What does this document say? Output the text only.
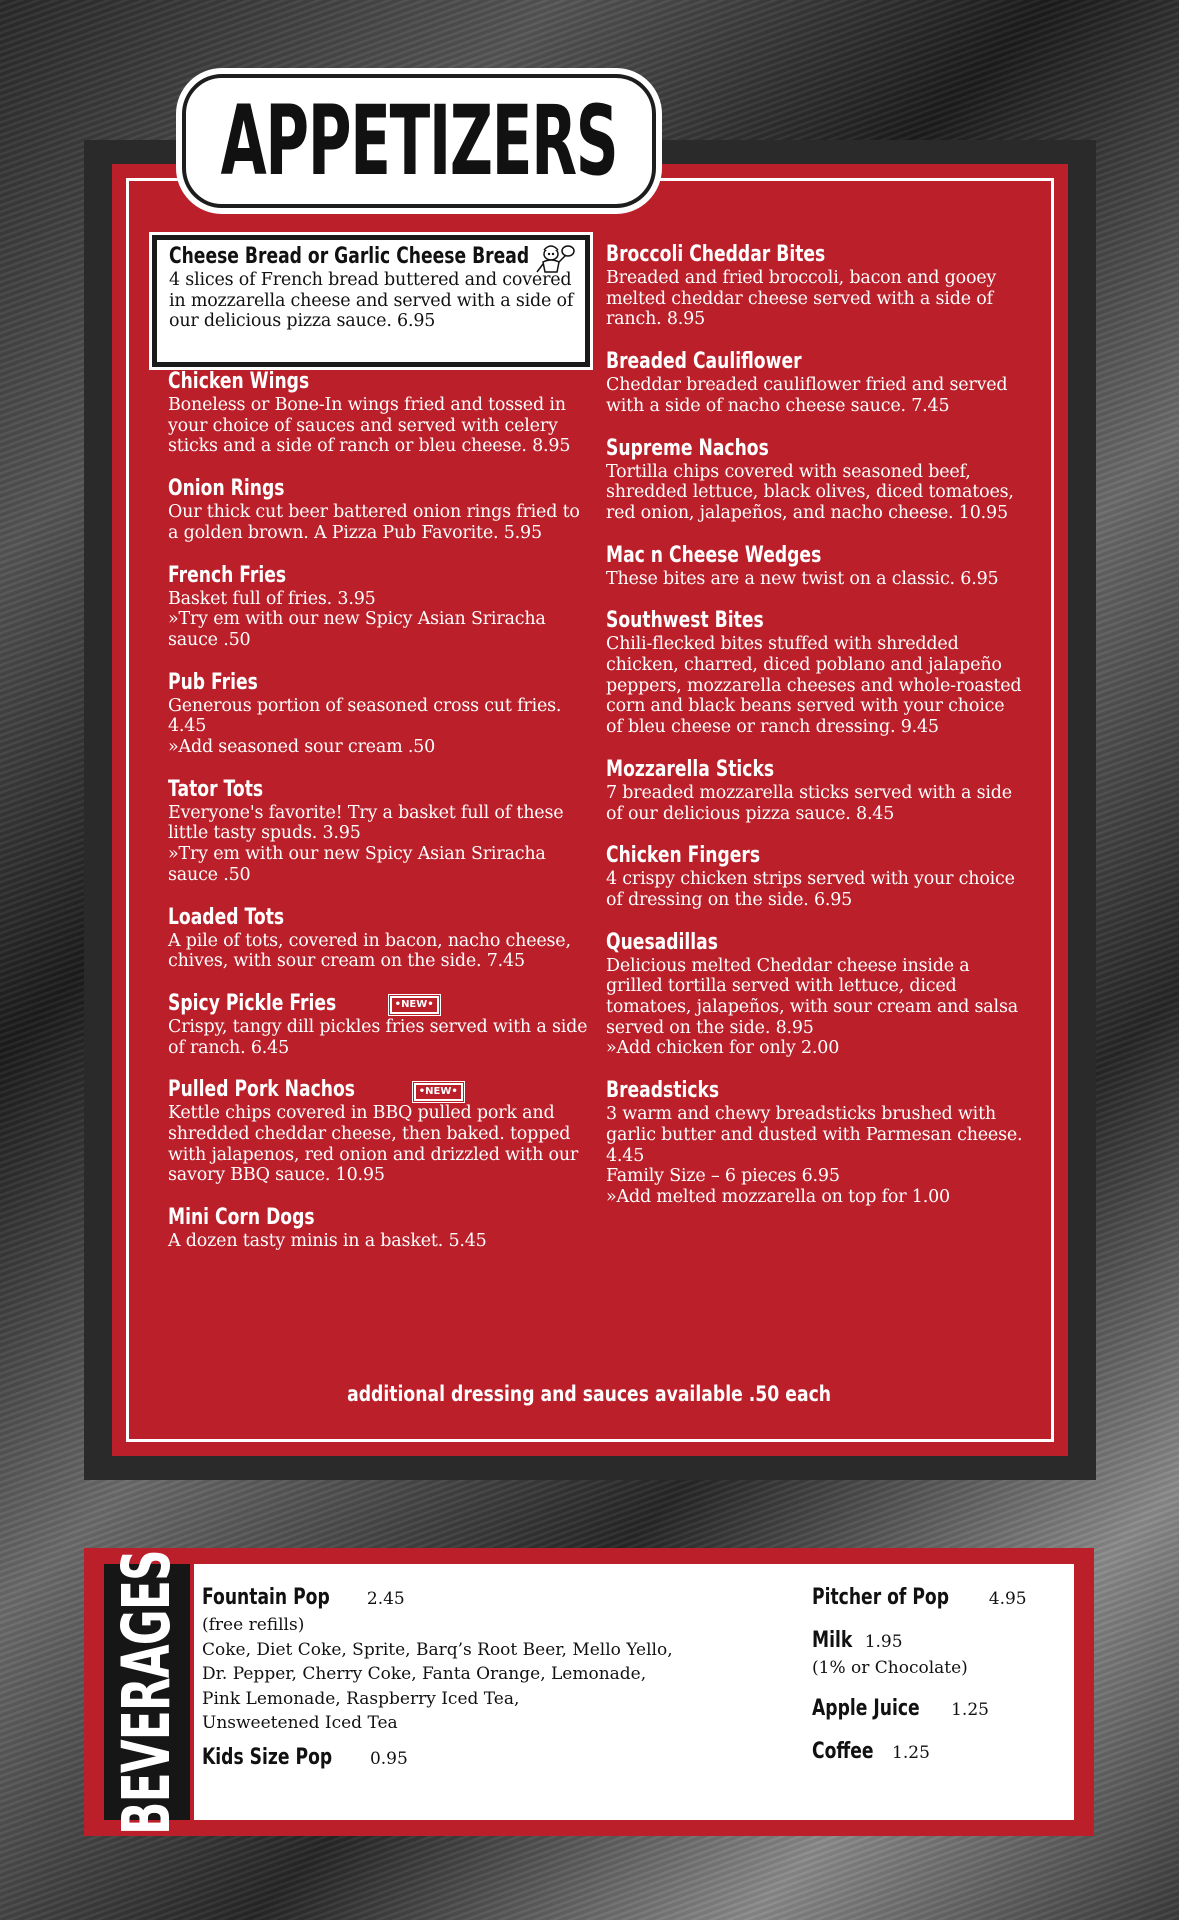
APPETIZERS
Cheese Bread or Garlic Cheese Bread
4 slices of French bread buttered and covered in mozzarella cheese and served with a side of our delicious pizza sauce. 6.95
Chicken Wings
Boneless or Bone-In wings fried and tossed in your choice of sauces and served with celery sticks and a side of ranch or bleu cheese. 8.95
Onion Rings
Our thick cut beer battered onion rings fried to a golden brown. A Pizza Pub Favorite. 5.95
French Fries
Basket full of fries. 3.95
»Try em with our new Spicy Asian Sriracha sauce .50
Pub Fries
Generous portion of seasoned cross cut fries. 4.45
»Add seasoned sour cream .50
Tator Tots
Everyone's favorite! Try a basket full of these little tasty spuds. 3.95
»Try em with our new Spicy Asian Sriracha sauce .50
Loaded Tots
A pile of tots, covered in bacon, nacho cheese, chives, with sour cream on the side. 7.45
Spicy Pickle Fries	•NEW•
Crispy, tangy dill pickles fries served with a side of ranch. 6.45
Pulled Pork Nachos	•NEW•
Kettle chips covered in BBQ pulled pork and shredded cheddar cheese, then baked. topped with jalapenos, red onion and drizzled with our savory BBQ sauce. 10.95
Mini Corn Dogs
A dozen tasty minis in a basket. 5.45
Broccoli Cheddar Bites
Breaded and fried broccoli, bacon and gooey melted cheddar cheese served with a side of ranch. 8.95
Breaded Cauliflower
Cheddar breaded cauliflower fried and served with a side of nacho cheese sauce. 7.45
Supreme Nachos
Tortilla chips covered with seasoned beef, shredded lettuce, black olives, diced tomatoes, red onion, jalapeños, and nacho cheese. 10.95
Mac n Cheese Wedges
These bites are a new twist on a classic. 6.95
Southwest Bites
Chili-flecked bites stuffed with shredded chicken, charred, diced poblano and jalapeño peppers, mozzarella cheeses and whole-roasted corn and black beans served with your choice of bleu cheese or ranch dressing. 9.45
Mozzarella Sticks
7 breaded mozzarella sticks served with a side of our delicious pizza sauce. 8.45
Chicken Fingers
4 crispy chicken strips served with your choice of dressing on the side. 6.95
Quesadillas
Delicious melted Cheddar cheese inside a grilled tortilla served with lettuce, diced tomatoes, jalapeños, with sour cream and salsa served on the side. 8.95
»Add chicken for only 2.00
Breadsticks
3 warm and chewy breadsticks brushed with garlic butter and dusted with Parmesan cheese. 4.45
Family Size – 6 pieces 6.95
»Add melted mozzarella on top for 1.00
additional dressing and sauces available .50 each
BEVERAGES Fountain Pop 2.45
(free refills)
Coke, Diet Coke, Sprite, Barq’s Root Beer, Mello Yello,
Dr. Pepper, Cherry Coke, Fanta Orange, Lemonade,
Pink Lemonade, Raspberry Iced Tea,
Unsweetened Iced Tea
Kids Size Pop 0.95
Pitcher of Pop 4.95
Milk 1.95
(1% or Chocolate)
Apple Juice 1.25
Coffee 1.25
